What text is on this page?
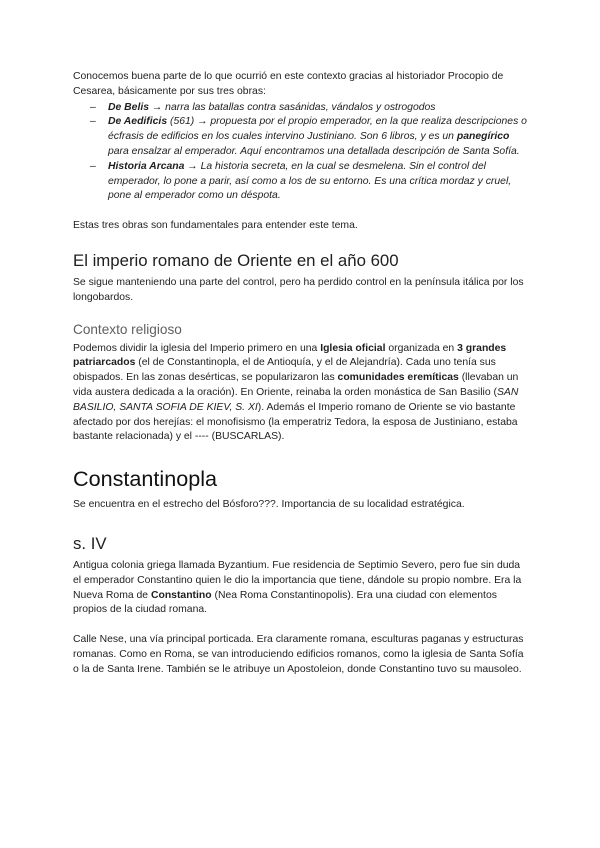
Conocemos buena parte de lo que ocurrió en este contexto gracias al historiador Procopio de Cesarea, básicamente por sus tres obras:

– De Belis → narra las batallas contra sasánidas, vándalos y ostrogodos
– De Aedificis (561) → propuesta por el propio emperador, en la que realiza descripciones o écfrasis de edificios en los cuales intervino Justiniano. Son 6 libros, y es un panegírico para ensalzar al emperador. Aquí encontramos una detallada descripción de Santa Sofía.
– Historia Arcana → La historia secreta, en la cual se desmelena. Sin el control del emperador, lo pone a parir, así como a los de su entorno. Es una crítica mordaz y cruel, pone al emperador como un déspota.

Estas tres obras son fundamentales para entender este tema.

El imperio romano de Oriente en el año 600

Se sigue manteniendo una parte del control, pero ha perdido control en la península itálica por los longobardos.

Contexto religioso

Podemos dividir la iglesia del Imperio primero en una Iglesia oficial organizada en 3 grandes patriarcados (el de Constantinopla, el de Antioquía, y el de Alejandría). Cada uno tenía sus obispados. En las zonas desérticas, se popularizaron las comunidades eremíticas (llevaban un vida austera dedicada a la oración). En Oriente, reinaba la orden monástica de San Basilio (SAN BASILIO, SANTA SOFIA DE KIEV, S. XI). Además el Imperio romano de Oriente se vio bastante afectado por dos herejías: el monofisismo (la emperatriz Tedora, la esposa de Justiniano, estaba bastante relacionada) y el ---- (BUSCARLAS).

Constantinopla

Se encuentra en el estrecho del Bósforo???. Importancia de su localidad estratégica.

s. IV

Antigua colonia griega llamada Byzantium. Fue residencia de Septimio Severo, pero fue sin duda el emperador Constantino quien le dio la importancia que tiene, dándole su propio nombre. Era la Nueva Roma de Constantino (Nea Roma Constantinopolis). Era una ciudad con elementos propios de la ciudad romana.

Calle Nese, una vía principal porticada. Era claramente romana, esculturas paganas y estructuras romanas. Como en Roma, se van introduciendo edificios romanos, como la iglesia de Santa Sofía o la de Santa Irene. También se le atribuye un Apostoleion, donde Constantino tuvo su mausoleo.
